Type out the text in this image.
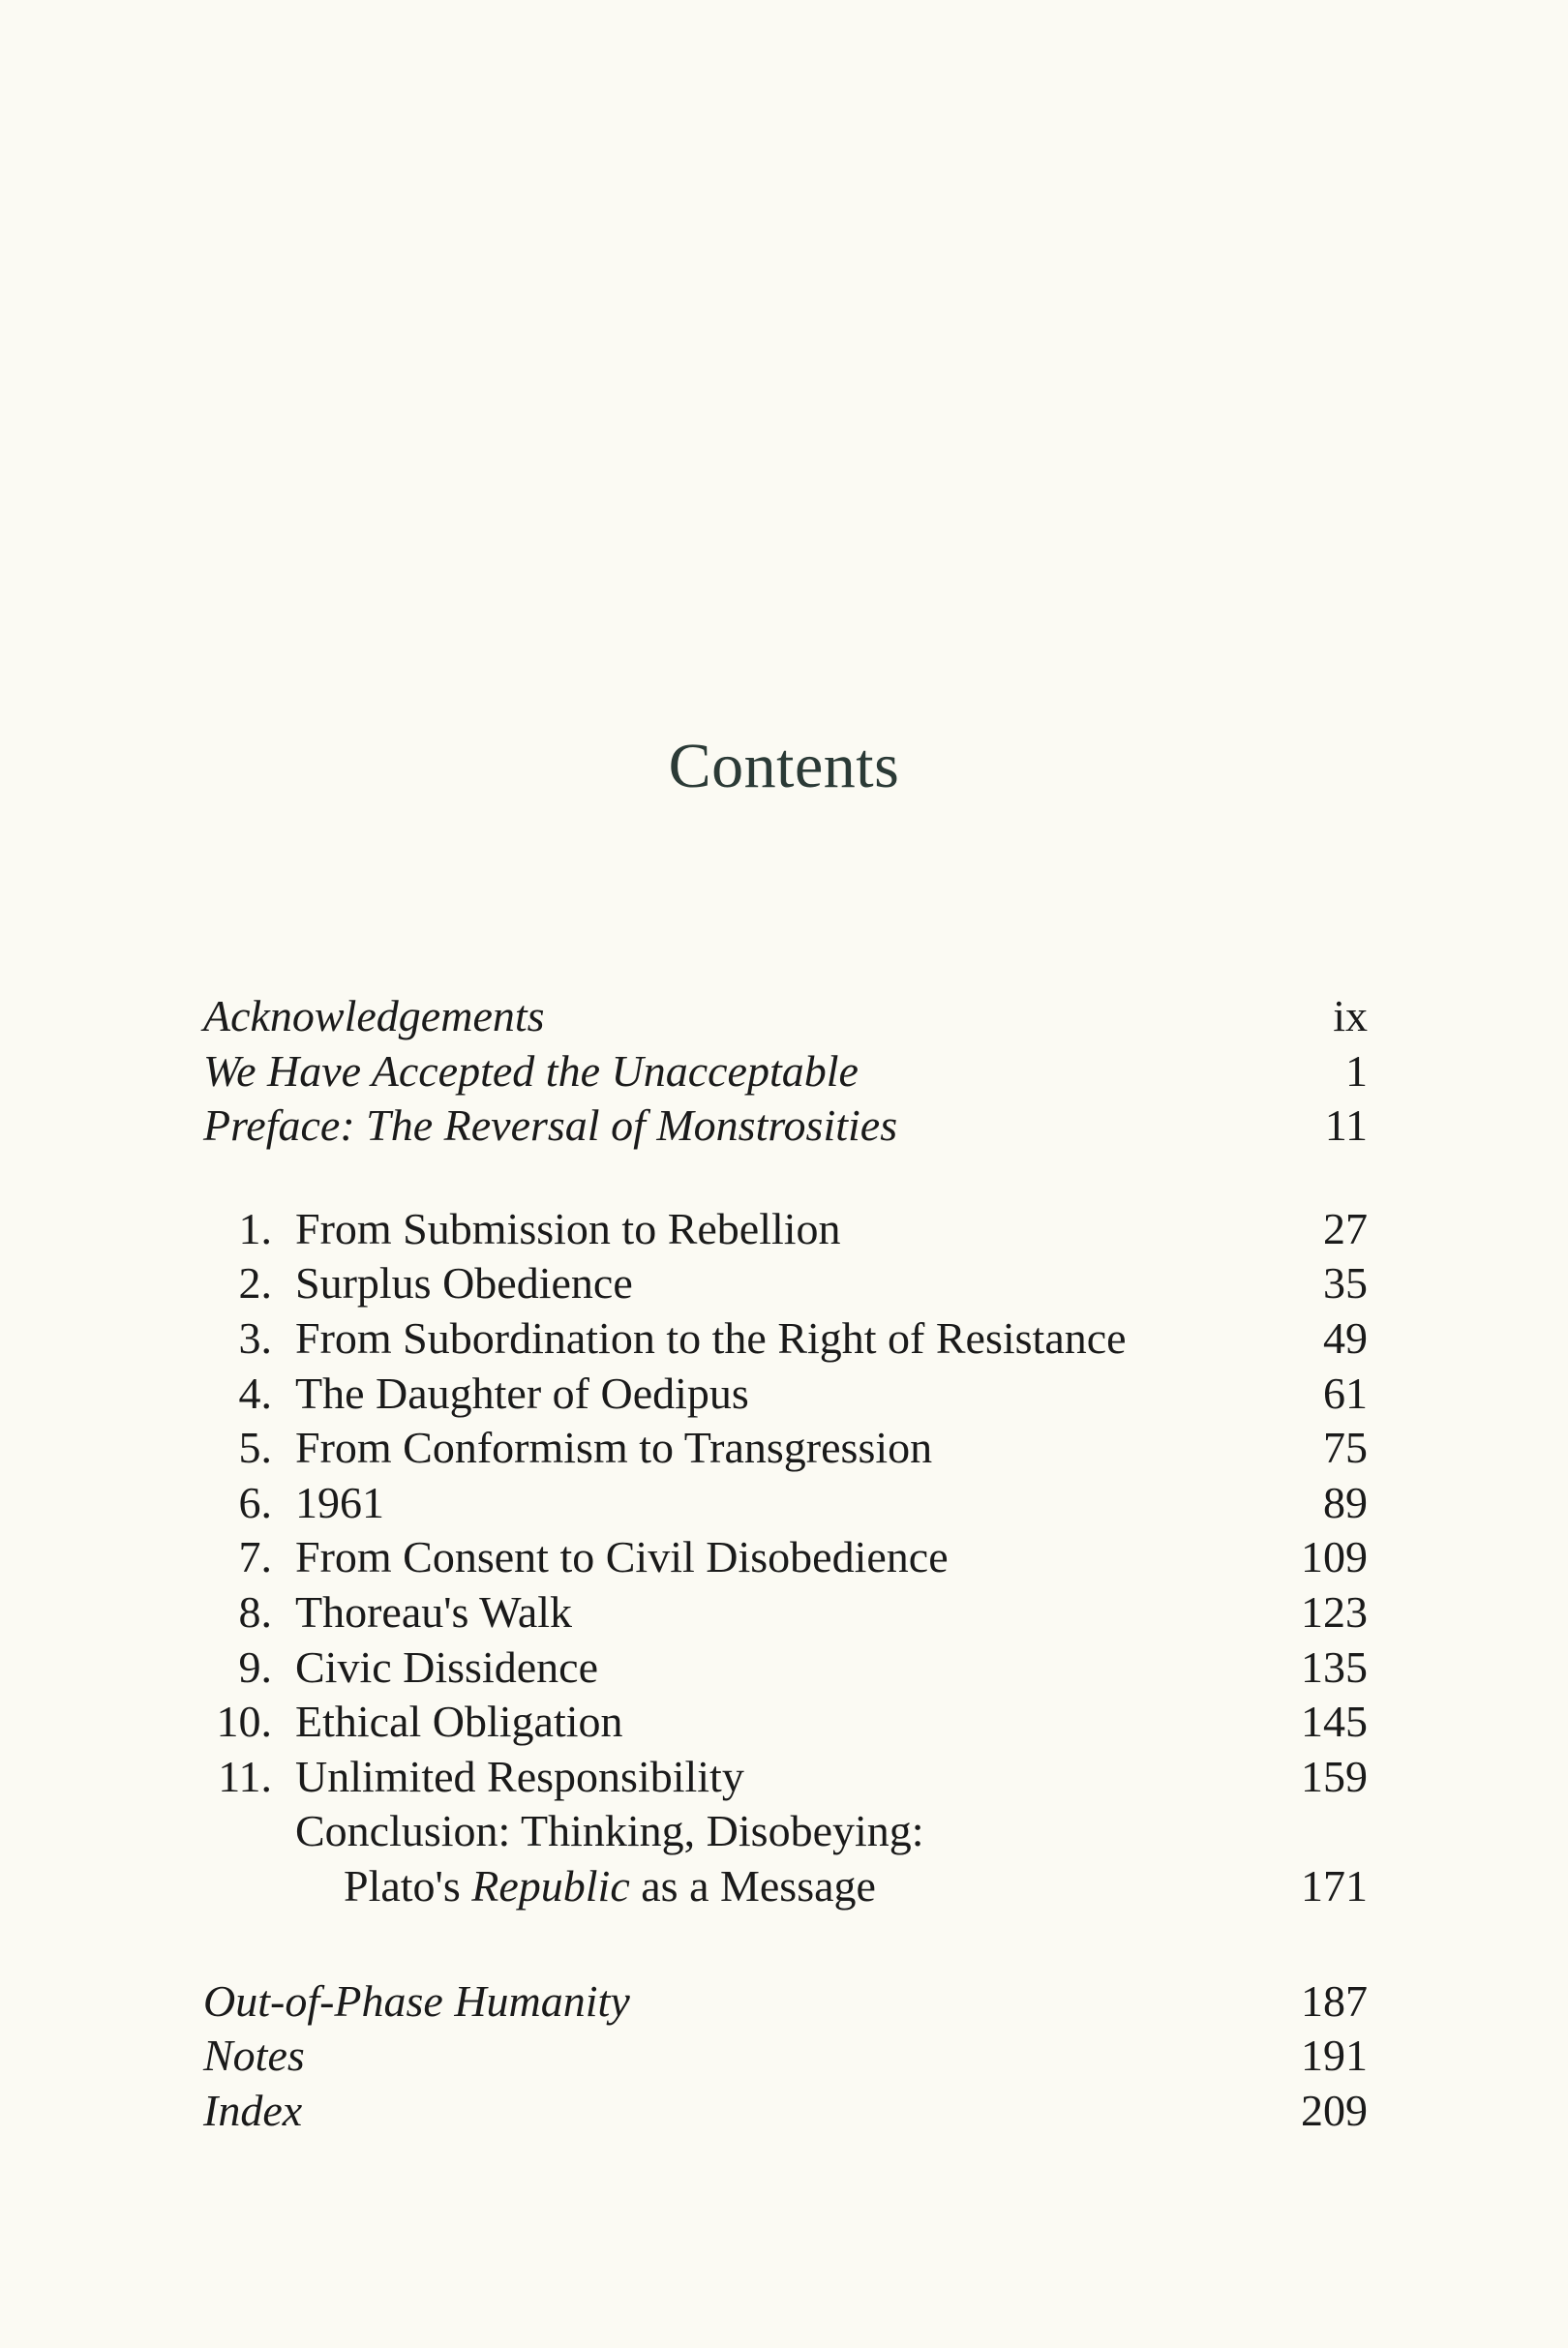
Contents
Acknowledgements	ix
We Have Accepted the Unacceptable	1
Preface: The Reversal of Monstrosities	11
1. From Submission to Rebellion	27
2. Surplus Obedience	35
3. From Subordination to the Right of Resistance	49
4. The Daughter of Oedipus	61
5. From Conformism to Transgression	75
6. 1961	89
7. From Consent to Civil Disobedience	109
8. Thoreau's Walk	123
9. Civic Dissidence	135
10. Ethical Obligation	145
11. Unlimited Responsibility	159
Conclusion: Thinking, Disobeying:
Plato's Republic as a Message	171
Out-of-Phase Humanity	187
Notes	191
Index	209
